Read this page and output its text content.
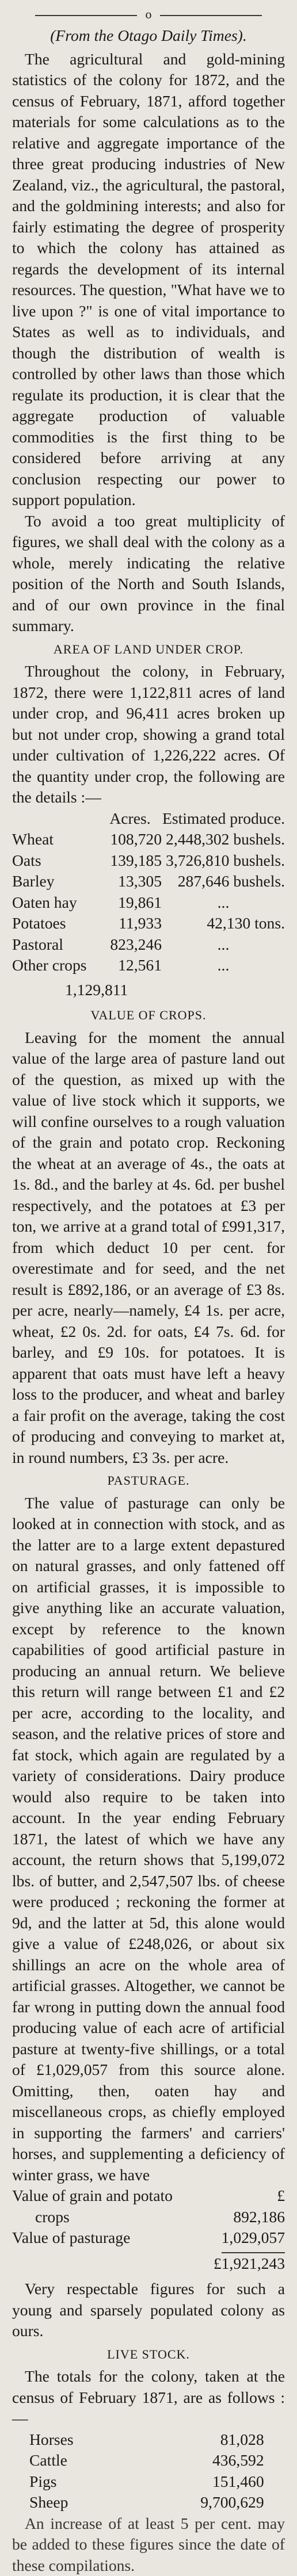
o
(From the Otago Daily Times).

The agricultural and gold-mining statistics of the colony for 1872, and the census of February, 1871, afford together materials for some calculations as to the relative and aggregate importance of the three great producing industries of New Zealand, viz., the agricultural, the pastoral, and the goldmining interests; and also for fairly estimating the degree of prosperity to which the colony has attained as regards the development of its internal resources. The question, "What have we to live upon ?" is one of vital importance to States as well as to individuals, and though the distribution of wealth is controlled by other laws than those which regulate its production, it is clear that the aggregate production of valuable commodities is the first thing to be considered before arriving at any conclusion respecting our power to support population.

To avoid a too great multiplicity of figures, we shall deal with the colony as a whole, merely indicating the relative position of the North and South Islands, and of our own province in the final summary.

AREA OF LAND UNDER CROP.

Throughout the colony, in February, 1872, there were 1,122,811 acres of land under crop, and 96,411 acres broken up but not under crop, showing a grand total under cultivation of 1,226,222 acres. Of the quantity under crop, the following are the details :—

	Acres.	Estimated produce.
Wheat	108,720	2,448,302 bushels.
Oats	139,185	3,726,810 bushels.
Barley	13,305	287,646 bushels.
Oaten hay	19,861	...
Potatoes	11,933	42,130 tons.
Pastoral	823,246	...
Other crops	12,561	...
1,129,811
VALUE OF CROPS.

Leaving for the moment the annual value of the large area of pasture land out of the question, as mixed up with the value of live stock which it supports, we will confine ourselves to a rough valuation of the grain and potato crop. Reckoning the wheat at an average of 4s., the oats at 1s. 8d., and the barley at 4s. 6d. per bushel respectively, and the potatoes at £3 per ton, we arrive at a grand total of £991,317, from which deduct 10 per cent. for overestimate and for seed, and the net result is £892,186, or an average of £3 8s. per acre, nearly—namely, £4 1s. per acre, wheat, £2 0s. 2d. for oats, £4 7s. 6d. for barley, and £9 10s. for potatoes. It is apparent that oats must have left a heavy loss to the producer, and wheat and barley a fair profit on the average, taking the cost of producing and conveying to market at, in round numbers, £3 3s. per acre.

PASTURAGE.

The value of pasturage can only be looked at in connection with stock, and as the latter are to a large extent depastured on natural grasses, and only fattened off on artificial grasses, it is impossible to give anything like an accurate valuation, except by reference to the known capabilities of good artificial pasture in producing an annual return. We believe this return will range between £1 and £2 per acre, according to the locality, and season, and the relative prices of store and fat stock, which again are regulated by a variety of considerations. Dairy produce would also require to be taken into account. In the year ending February 1871, the latest of which we have any account, the return shows that 5,199,072 lbs. of butter, and 2,547,507 lbs. of cheese were produced ; reckoning the former at 9d, and the latter at 5d, this alone would give a value of £248,026, or about six shillings an acre on the whole area of artificial grasses. Altogether, we cannot be far wrong in putting down the annual food producing value of each acre of artificial pasture at twenty-five shillings, or a total of £1,029,057 from this source alone. Omitting, then, oaten hay and miscellaneous crops, as chiefly employed in supporting the farmers' and carriers' horses, and supplementing a deficiency of winter grass, we have

Value of grain and potato	£
crops	892,186
Value of pasturage	1,029,057
£1,921,243

Very respectable figures for such a young and sparsely populated colony as ours.

LIVE STOCK.

The totals for the colony, taken at the census of February 1871, are as follows :—

Horses	81,028
Cattle	436,592
Pigs	151,460
Sheep	9,700,629

An increase of at least 5 per cent. may be added to these figures since the date of these compilations.
